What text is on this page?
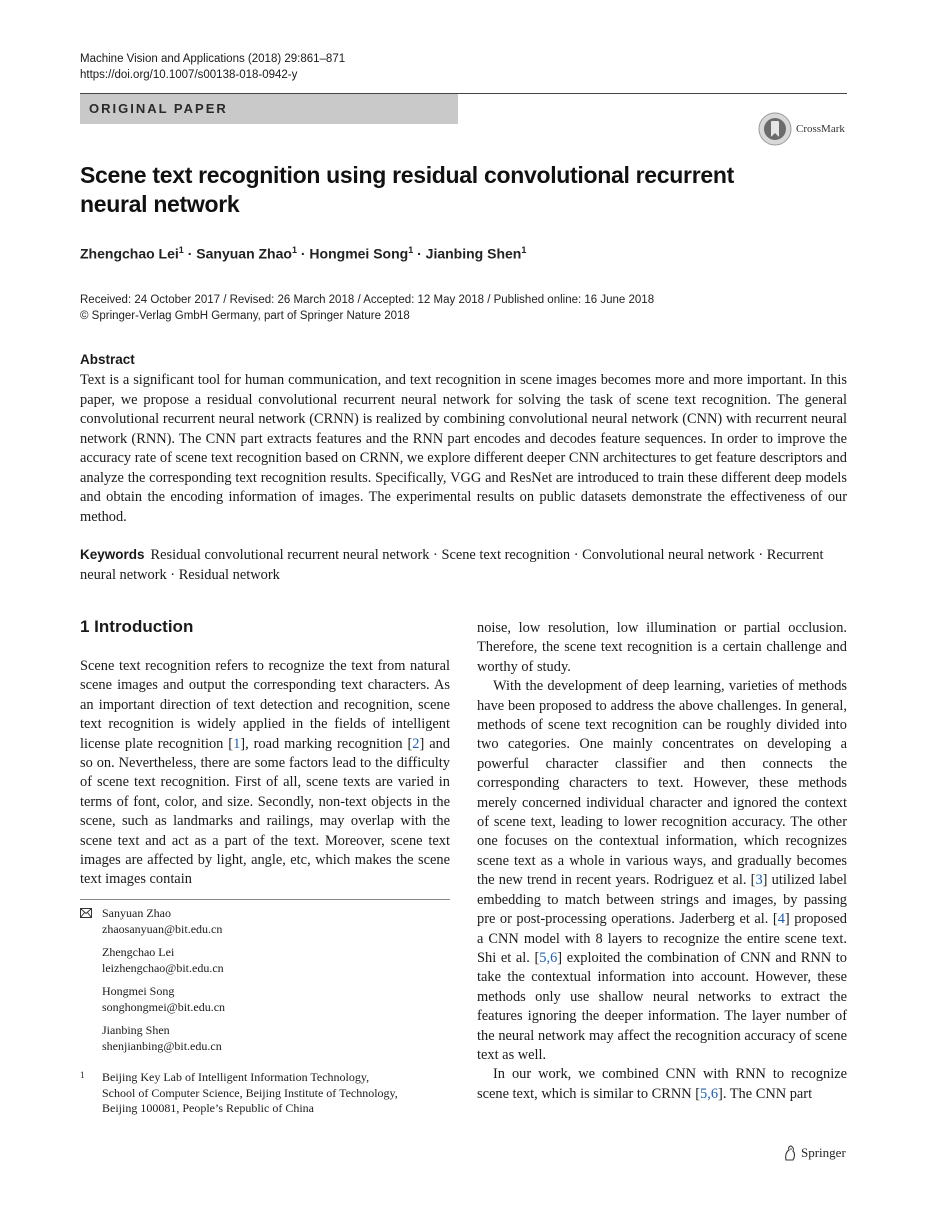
Machine Vision and Applications (2018) 29:861–871
https://doi.org/10.1007/s00138-018-0942-y
ORIGINAL PAPER
CrossMark
Scene text recognition using residual convolutional recurrent neural network
Zhengchao Lei$^1$ · Sanyuan Zhao$^1$ · Hongmei Song$^1$ · Jianbing Shen$^1$
Received: 24 October 2017 / Revised: 26 March 2018 / Accepted: 12 May 2018 / Published online: 16 June 2018
© Springer-Verlag GmbH Germany, part of Springer Nature 2018
Abstract
Text is a significant tool for human communication, and text recognition in scene images becomes more and more important. In this paper, we propose a residual convolutional recurrent neural network for solving the task of scene text recognition. The general convolutional recurrent neural network (CRNN) is realized by combining convolutional neural network (CNN) with recurrent neural network (RNN). The CNN part extracts features and the RNN part encodes and decodes feature sequences. In order to improve the accuracy rate of scene text recognition based on CRNN, we explore different deeper CNN architectures to get feature descriptors and analyze the corresponding text recognition results. Specifically, VGG and ResNet are introduced to train these different deep models and obtain the encoding information of images. The experimental results on public datasets demonstrate the effectiveness of our method.
Keywords Residual convolutional recurrent neural network · Scene text recognition · Convolutional neural network · Recurrent neural network · Residual network
1 Introduction

Scene text recognition refers to recognize the text from natural scene images and output the corresponding text characters. As an important direction of text detection and recognition, scene text recognition is widely applied in the fields of intelligent license plate recognition [1], road marking recognition [2] and so on. Nevertheless, there are some factors lead to the difficulty of scene text recognition. First of all, scene texts are varied in terms of font, color, and size. Secondly, non-text objects in the scene, such as landmarks and railings, may overlap with the scene text and act as a part of the text. Moreover, scene text images are affected by light, angle, etc, which makes the scene text images contain

Sanyuan Zhao
zhaosanyuan@bit.edu.cn
Zhengchao Lei
leizhengchao@bit.edu.cn
Hongmei Song
songhongmei@bit.edu.cn
Jianbing Shen
shenjianbing@bit.edu.cn
1 Beijing Key Lab of Intelligent Information Technology,
School of Computer Science, Beijing Institute of Technology,
Beijing 100081, People’s Republic of China

noise, low resolution, low illumination or partial occlusion. Therefore, the scene text recognition is a certain challenge and worthy of study.

With the development of deep learning, varieties of methods have been proposed to address the above challenges. In general, methods of scene text recognition can be roughly divided into two categories. One mainly concentrates on developing a powerful character classifier and then connects the corresponding characters to text. However, these methods merely concerned individual character and ignored the context of scene text, leading to lower recognition accuracy. The other one focuses on the contextual information, which recognizes scene text as a whole in various ways, and gradually becomes the new trend in recent years. Rodriguez et al. [3] utilized label embedding to match between strings and images, by passing pre or post-processing operations. Jaderberg et al. [4] proposed a CNN model with 8 layers to recognize the entire scene text. Shi et al. [5,6] exploited the combination of CNN and RNN to take the contextual information into account. However, these methods only use shallow neural networks to extract the features ignoring the deeper information. The layer number of the neural network may affect the recognition accuracy of scene text as well.

In our work, we combined CNN with RNN to recognize scene text, which is similar to CRNN [5,6]. The CNN part

Springer
